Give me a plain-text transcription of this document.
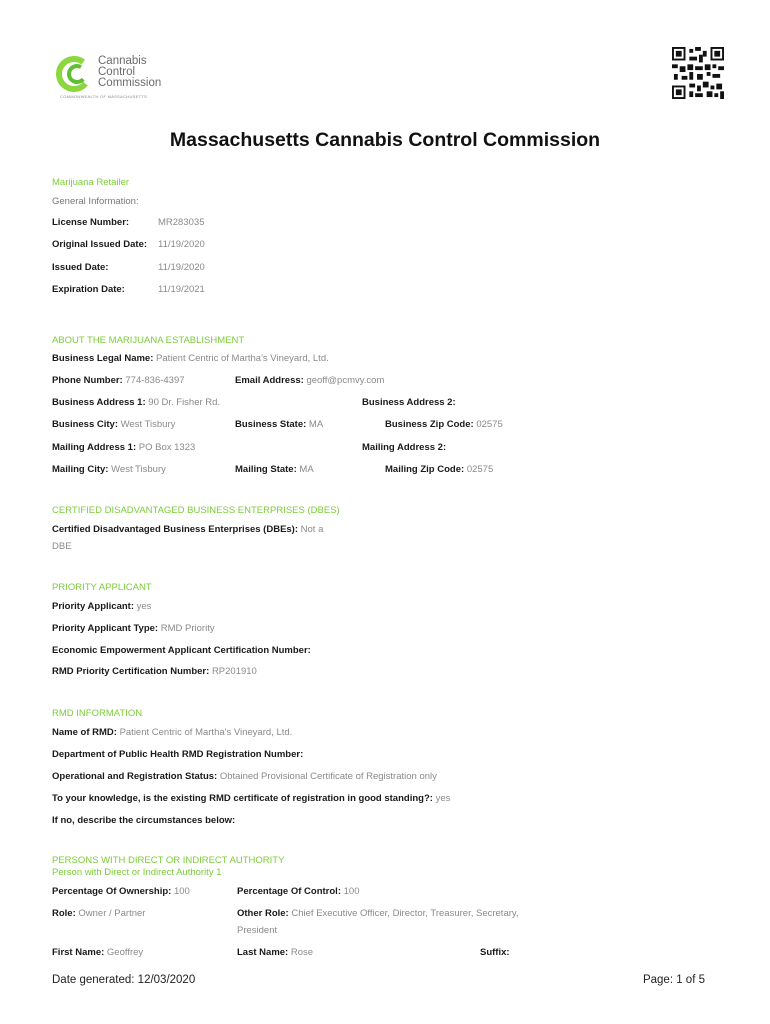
Cannabis
Control
Commission
COMMONWEALTH OF MASSACHUSETTS
Massachusetts Cannabis Control Commission
Marijuana Retailer
General Information:
License Number:	MR283035
Original Issued Date: 11/19/2020
Issued Date:	11/19/2020
Expiration Date:	11/19/2021
ABOUT THE MARIJUANA ESTABLISHMENT
Business Legal Name: Patient Centric of Martha's Vineyard, Ltd.
Phone Number: 774-836-4397	Email Address: geoff@pcmvy.com
Business Address 1: 90 Dr. Fisher Rd.	Business Address 2:
Business City: West Tisbury	Business State: MA	Business Zip Code: 02575
Mailing Address 1: PO Box 1323	Mailing Address 2:
Mailing City: West Tisbury	Mailing State: MA	Mailing Zip Code: 02575
CERTIFIED DISADVANTAGED BUSINESS ENTERPRISES (DBES)
Certified Disadvantaged Business Enterprises (DBEs): Not a
DBE
PRIORITY APPLICANT
Priority Applicant: yes
Priority Applicant Type: RMD Priority
Economic Empowerment Applicant Certification Number:
RMD Priority Certification Number: RP201910
RMD INFORMATION
Name of RMD: Patient Centric of Martha's Vineyard, Ltd.
Department of Public Health RMD Registration Number:
Operational and Registration Status: Obtained Provisional Certificate of Registration only
To your knowledge, is the existing RMD certificate of registration in good standing?: yes
If no, describe the circumstances below:
PERSONS WITH DIRECT OR INDIRECT AUTHORITY
Person with Direct or Indirect Authority 1
Percentage Of Ownership: 100	Percentage Of Control: 100
Role: Owner / Partner	Other Role: Chief Executive Officer, Director, Treasurer, Secretary,
President
First Name: Geoffrey	Last Name: Rose	Suffix:
Date generated: 12/03/2020	Page: 1 of 5
